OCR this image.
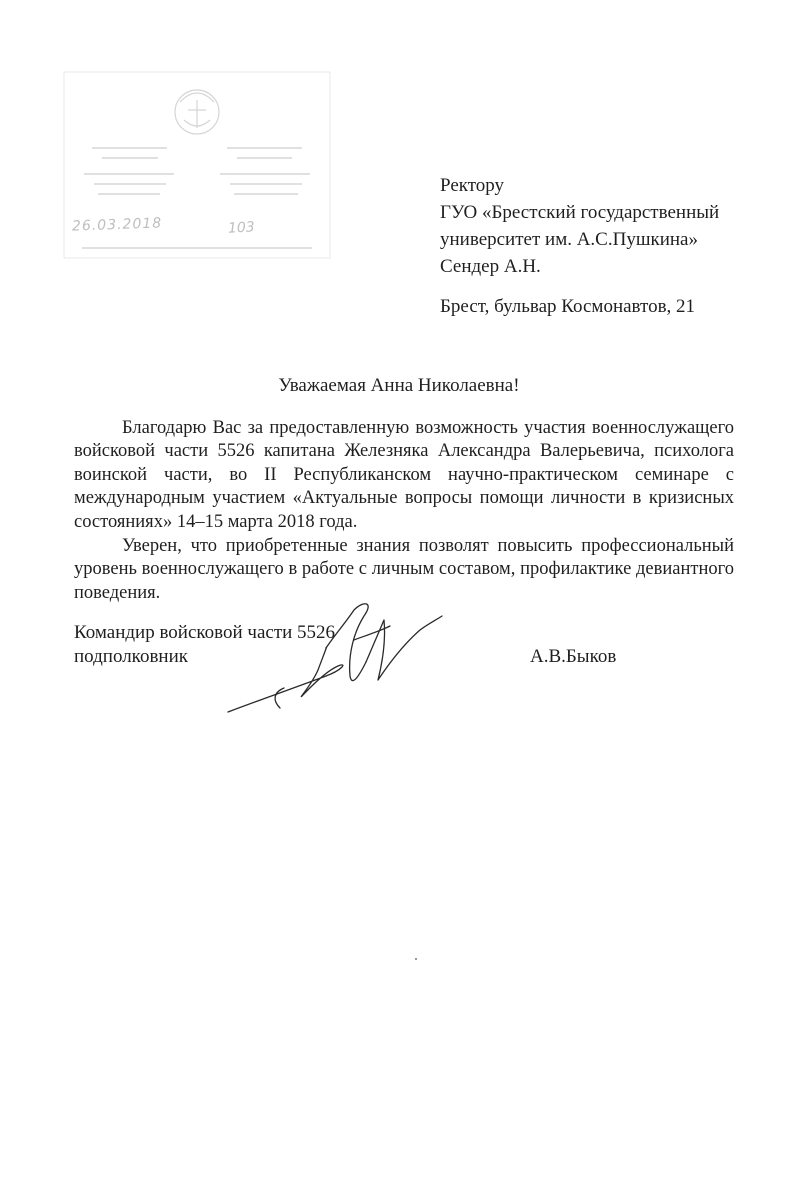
26.03.2018	103
Ректору
ГУО «Брестский государственный
университет им. А.С.Пушкина»
Сендер А.Н.
Брест, бульвар Космонавтов, 21
Уважаемая Анна Николаевна!

Благодарю Вас за предоставленную возможность участия военнослужащего войсковой части 5526 капитана Железняка Александра Валерьевича, психолога воинской части, во II Республиканском научно-практическом семинаре с международным участием «Актуальные вопросы помощи личности в кризисных состояниях» 14–15 марта 2018 года.

Уверен, что приобретенные знания позволят повысить профессиональный уровень военнослужащего в работе с личным составом, профилактике девиантного поведения.

Командир войсковой части 5526
подполковник	А.В.Быков
